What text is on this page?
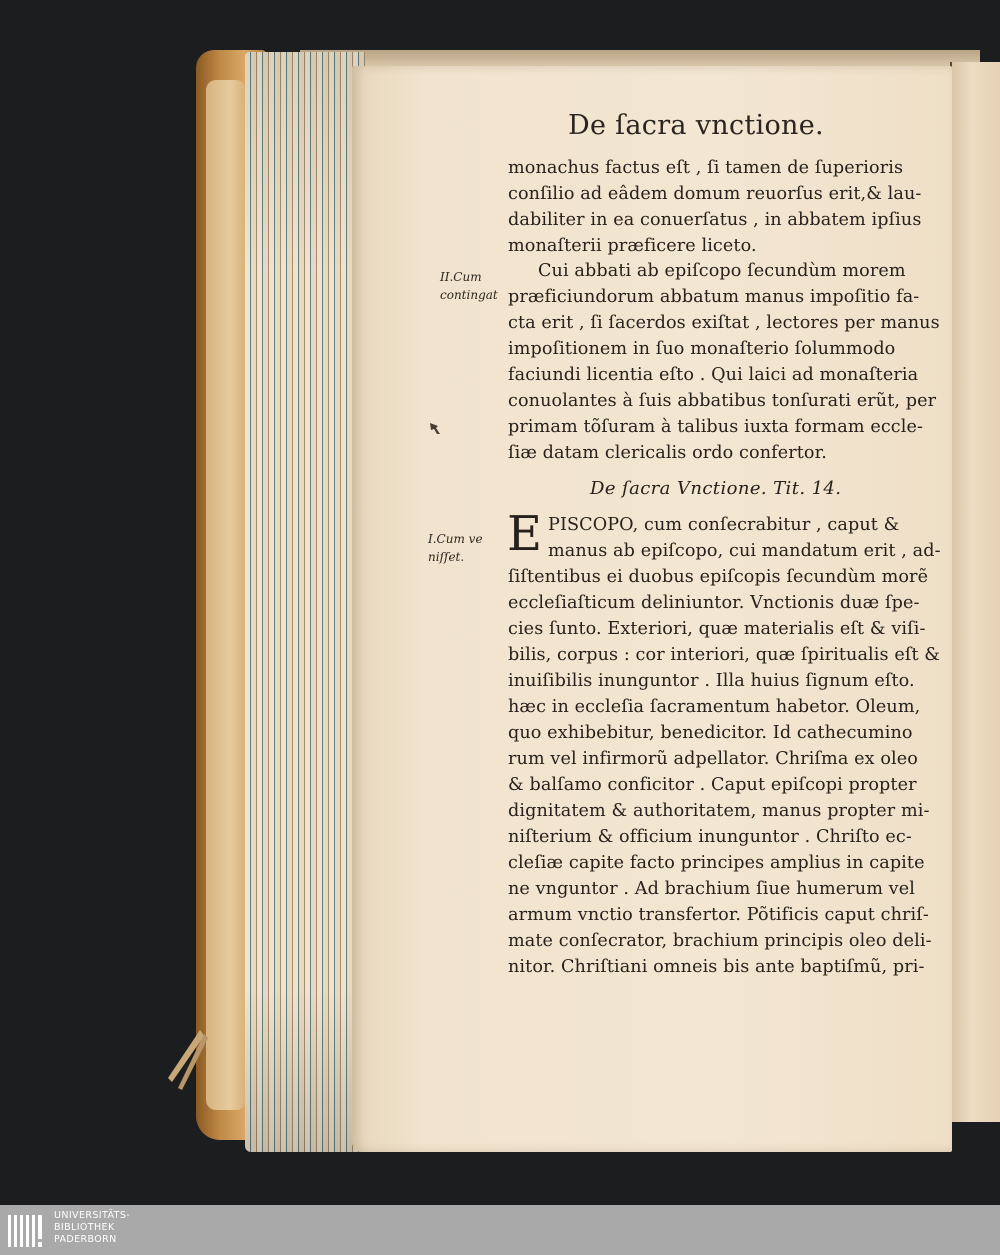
De ſacra vnctione.
monachus factus eſt , ſi tamen de ſuperioris
conſilio ad eâdem domum reuorſus erit,& lau-
dabiliter in ea conuerſatus , in abbatem ipſius
monaſterii præficere liceto.
II.Cum
contingat
Cui abbati ab epiſcopo ſecundùm morem
præficiundorum abbatum manus impoſitio fa-
cta erit , ſi ſacerdos exiſtat , lectores per manus
impoſitionem in ſuo monaſterio ſolummodo
faciundi licentia eſto . Qui laici ad monaſteria
conuolantes à ſuis abbatibus tonſurati erũt, per
primam tõſuram à talibus iuxta formam eccle-
ſiæ datam clericalis ordo confertor.
De ſacra Vnctione. Tit. 14.
I.Cum ve
niſſet. E PISCOPO, cum conſecrabitur , caput &
manus ab epiſcopo, cui mandatum erit , ad-
ſiſtentibus ei duobus epiſcopis ſecundùm morẽ
eccleſiaſticum deliniuntor. Vnctionis duæ ſpe-
cies ſunto. Exteriori, quæ materialis eſt & viſi-
bilis, corpus : cor interiori, quæ ſpiritualis eſt &
inuiſibilis inunguntor . Illa huius ſignum eſto.
hæc in eccleſia ſacramentum habetor. Oleum,
quo exhibebitur, benedicitor. Id cathecumino
rum vel infirmorũ adpellator. Chriſma ex oleo
& balſamo conficitor . Caput epiſcopi propter
dignitatem & authoritatem, manus propter mi-
niſterium & officium inunguntor . Chriſto ec-
cleſiæ capite facto principes amplius in capite
ne vnguntor . Ad brachium ſiue humerum vel
armum vnctio transfertor. Põtificis caput chriſ-
mate conſecrator, brachium principis oleo deli-
nitor. Chriſtiani omneis bis ante baptiſmũ, pri-
UNIVERSITÄTS-
BIBLIOTHEK
PADERBORN
